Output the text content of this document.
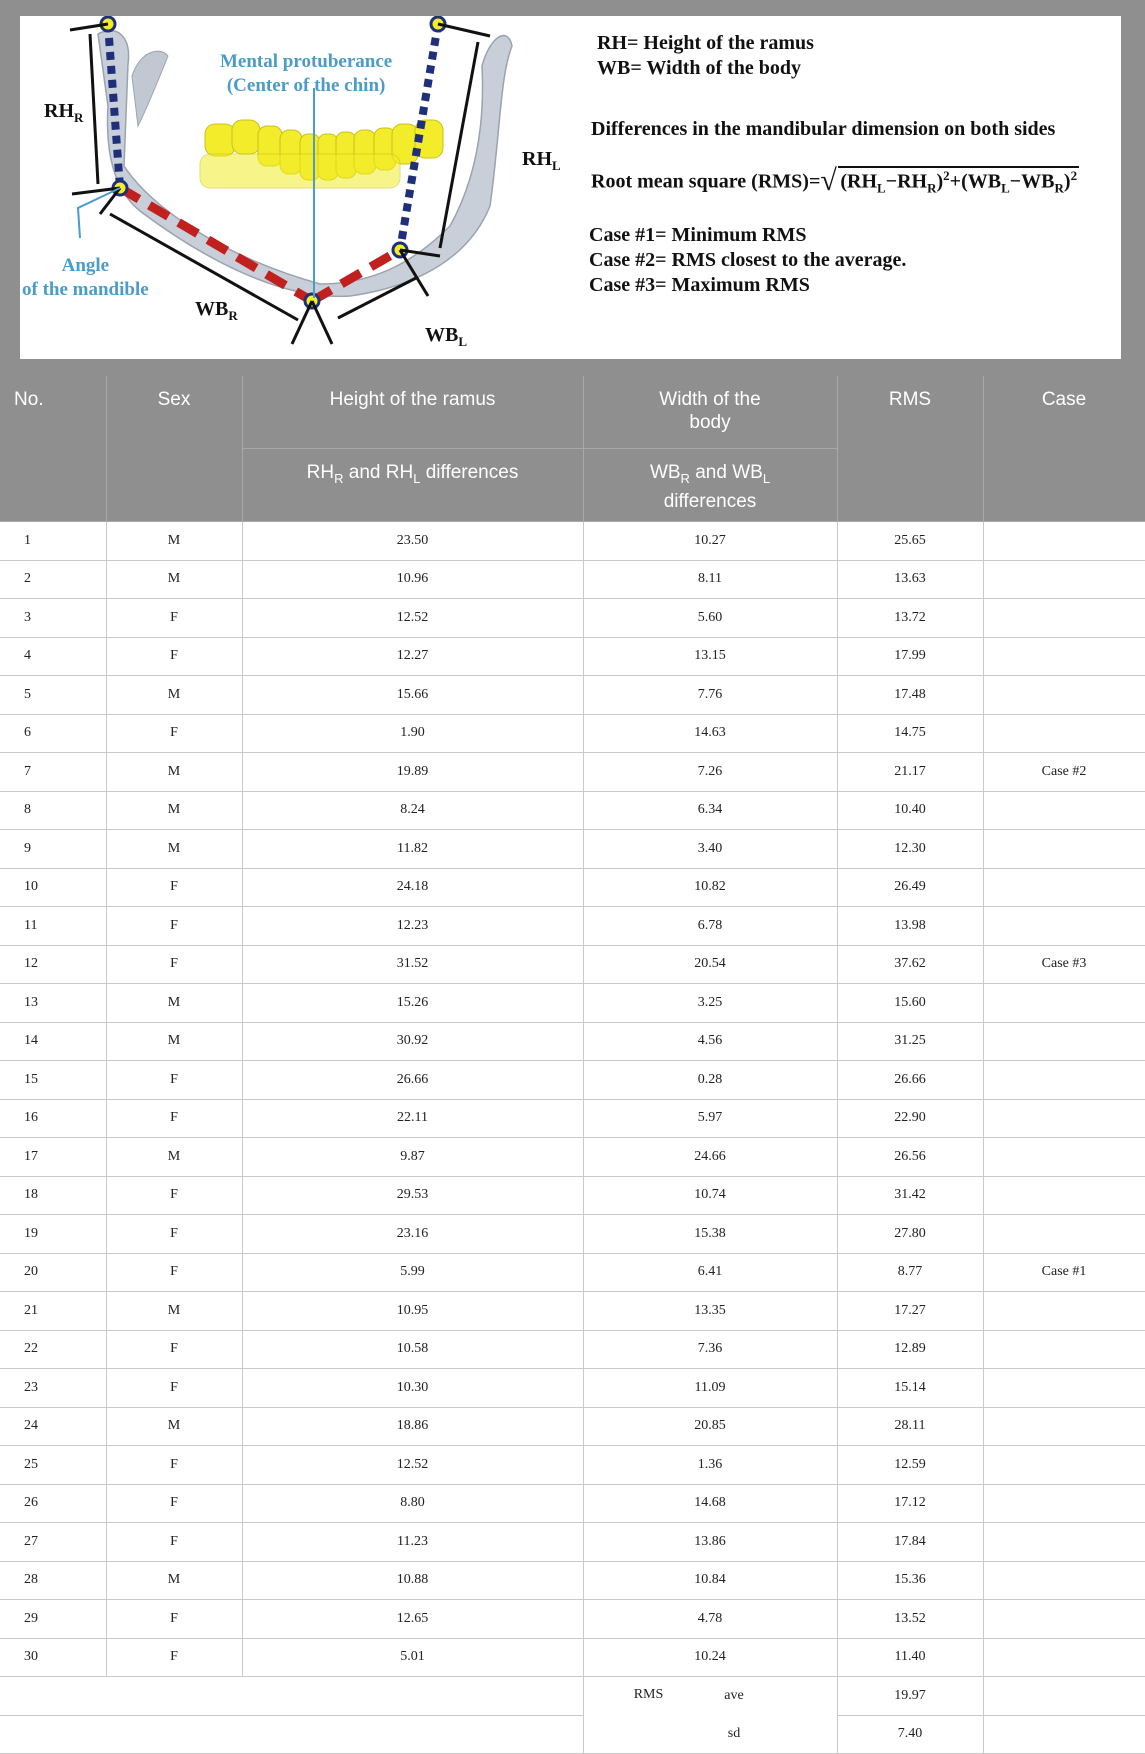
$RH_R$
$RH_L$
$WB_R$
$WB_L$
Mental protuberance
(Center of the chin)
Angle
of the mandible
RH= Height of the ramus
WB= Width of the body
Differences in the mandibular dimension on both sides
Root mean square (RMS)= √ $(RH_L-RH_R)^2+(WB_L-WB_R)^2$
Case #1= Minimum RMS
Case #2= RMS closest to the average.
Case #3= Maximum RMS
No.	Sex	Height of the ramus	Width of the body	RMS	Case
		$RH_R$ and $RH_L$ differences	$WB_R$ and $WB_L$
differences		
1	M	23.50	10.27	25.65	
2	M	10.96	8.11	13.63	
3	F	12.52	5.60	13.72	
4	F	12.27	13.15	17.99	
5	M	15.66	7.76	17.48	
6	F	1.90	14.63	14.75	
7	M	19.89	7.26	21.17	Case #2
8	M	8.24	6.34	10.40	
9	M	11.82	3.40	12.30	
10	F	24.18	10.82	26.49	
11	F	12.23	6.78	13.98	
12	F	31.52	20.54	37.62	Case #3
13	M	15.26	3.25	15.60	
14	M	30.92	4.56	31.25	
15	F	26.66	0.28	26.66	
16	F	22.11	5.97	22.90	
17	M	9.87	24.66	26.56	
18	F	29.53	10.74	31.42	
19	F	23.16	15.38	27.80	
20	F	5.99	6.41	8.77	Case #1
21	M	10.95	13.35	17.27	
22	F	10.58	7.36	12.89	
23	F	10.30	11.09	15.14	
24	M	18.86	20.85	28.11	
25	F	12.52	1.36	12.59	
26	F	8.80	14.68	17.12	
27	F	11.23	13.86	17.84	
28	M	10.88	10.84	15.36	
29	F	12.65	4.78	13.52	
30	F	5.01	10.24	11.40	

			RMS	ave 19.97	
				sd 7.40	
